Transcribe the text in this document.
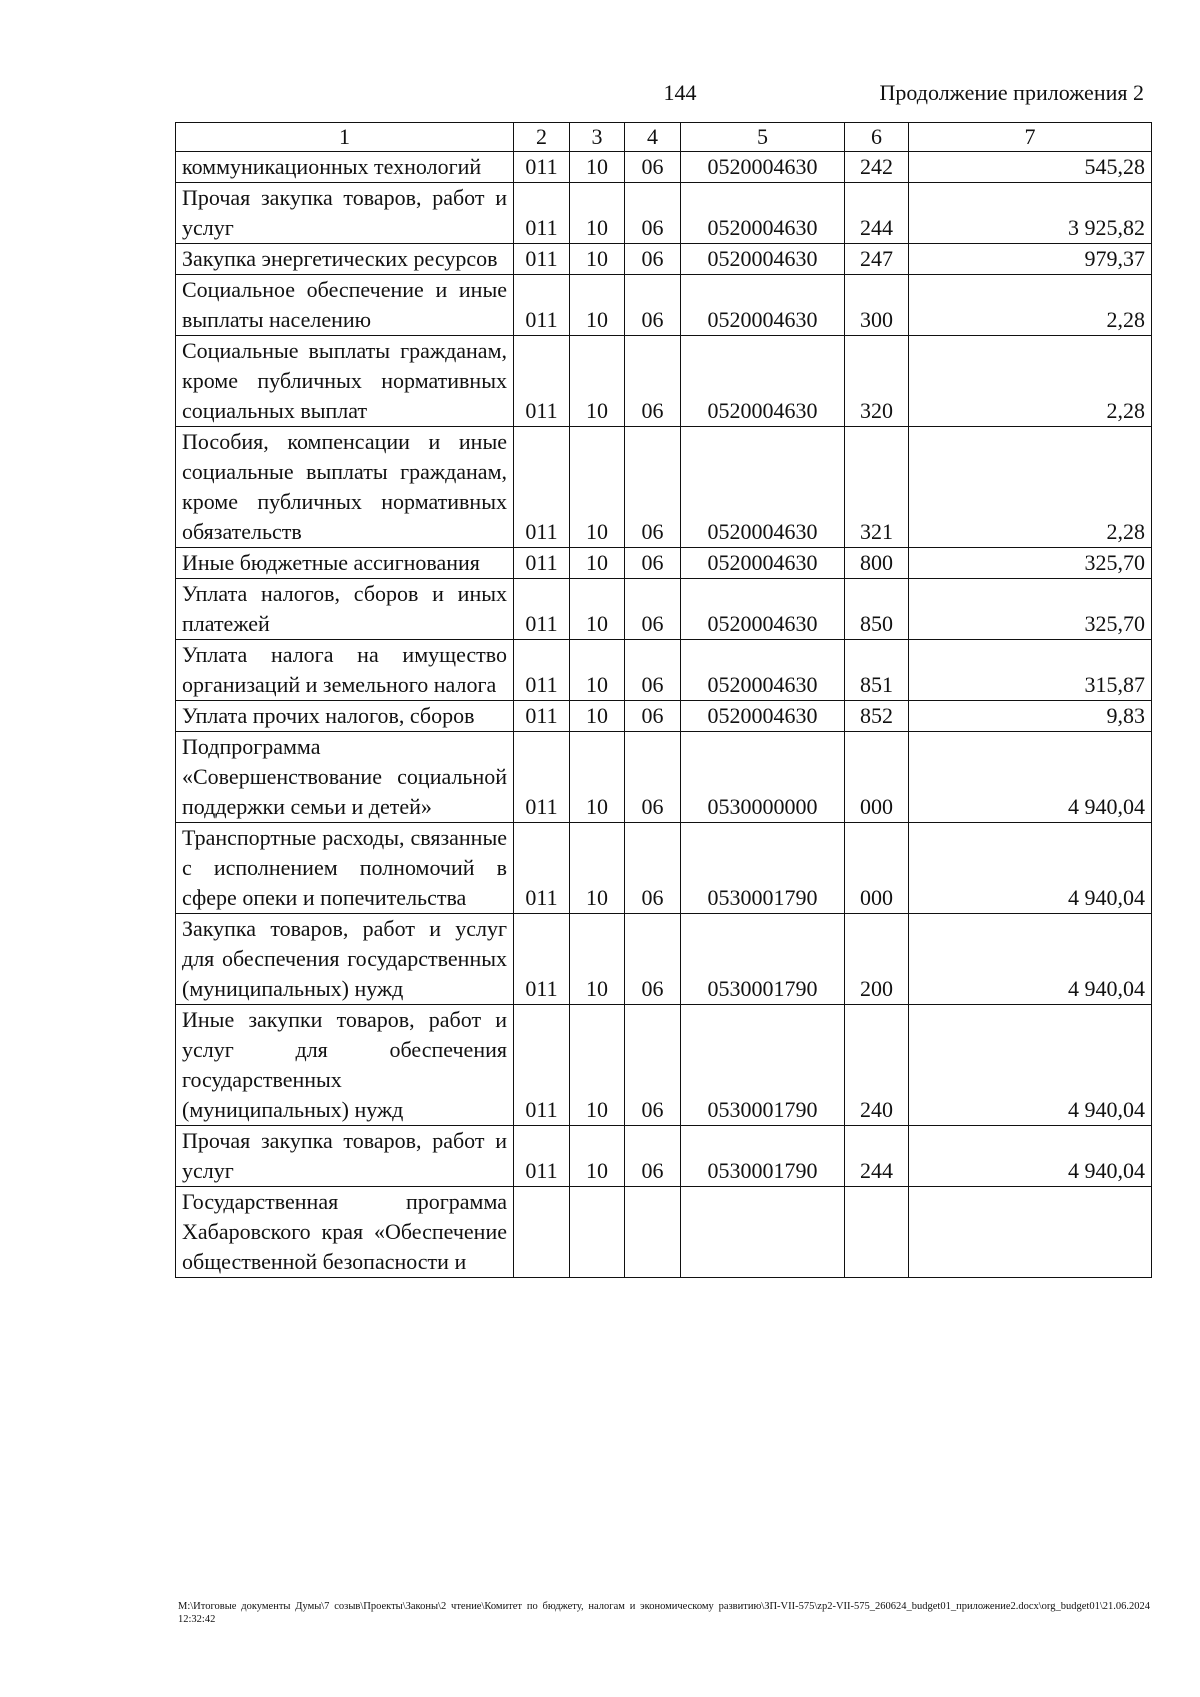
144	Продолжение приложения 2
1	2	3	4	5	6	7
коммуникационных технологий	011	10	06	0520004630	242	545,28
Прочая закупка товаров, работ и услуг	011	10	06	0520004630	244	3 925,82
Закупка энергетических ресурсов	011	10	06	0520004630	247	979,37
Социальное обеспечение и иные выплаты населению	011	10	06	0520004630	300	2,28
Социальные выплаты гражданам, кроме публичных нормативных социальных выплат	011	10	06	0520004630	320	2,28
Пособия, компенсации и иные социальные выплаты гражданам, кроме публичных нормативных обязательств	011	10	06	0520004630	321	2,28
Иные бюджетные ассигнования	011	10	06	0520004630	800	325,70
Уплата налогов, сборов и иных платежей	011	10	06	0520004630	850	325,70
Уплата налога на имущество организаций и земельного налога	011	10	06	0520004630	851	315,87
Уплата прочих налогов, сборов	011	10	06	0520004630	852	9,83
Подпрограмма «Совершенствование социальной поддержки семьи и детей»	011	10	06	0530000000	000	4 940,04
Транспортные расходы, связанные с исполнением полномочий в сфере опеки и попечительства	011	10	06	0530001790	000	4 940,04
Закупка товаров, работ и услуг для обеспечения государственных (муниципальных) нужд	011	10	06	0530001790	200	4 940,04
Иные закупки товаров, работ и услуг для обеспечения государственных (муниципальных) нужд	011	10	06	0530001790	240	4 940,04
Прочая закупка товаров, работ и услуг	011	10	06	0530001790	244	4 940,04
Государственная программа Хабаровского края «Обеспечение общественной безопасности и						
M:\Итоговые документы Думы\7 созыв\Проекты\Законы\2 чтение\Комитет по бюджету, налогам и экономическому развитию\ЗП-VII-575\zp2-VII-575_260624_budget01_приложение2.docx\org_budget01\21.06.2024 12:32:42
